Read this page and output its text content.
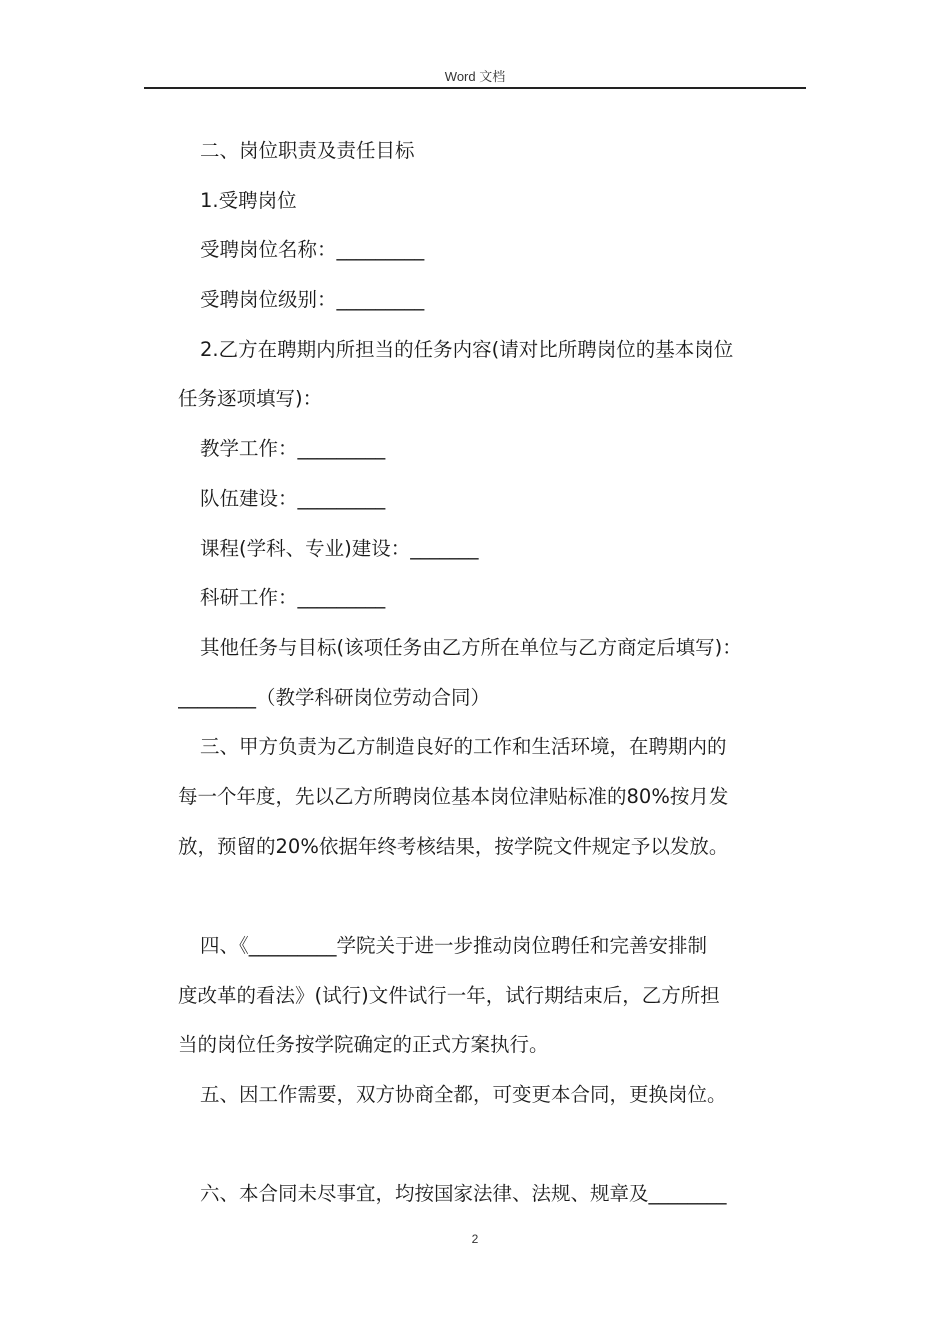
Word 文档
二、岗位职责及责任目标
1.受聘岗位
受聘岗位名称：_________
受聘岗位级别：_________
2.乙方在聘期内所担当的任务内容(请对比所聘岗位的基本岗位
任务逐项填写)：
教学工作：_________
队伍建设：_________
课程(学科、专业)建设：_______
科研工作：_________
其他任务与目标(该项任务由乙方所在单位与乙方商定后填写)：
________（教学科研岗位劳动合同）
三、甲方负责为乙方制造良好的工作和生活环境，在聘期内的
每一个年度，先以乙方所聘岗位基本岗位津贴标准的80%按月发
放，预留的20%依据年终考核结果，按学院文件规定予以发放。
四、《_________学院关于进一步推动岗位聘任和完善安排制
度改革的看法》(试行)文件试行一年，试行期结束后，乙方所担
当的岗位任务按学院确定的正式方案执行。
五、因工作需要，双方协商全都，可变更本合同，更换岗位。
六、本合同未尽事宜，均按国家法律、法规、规章及________
2
